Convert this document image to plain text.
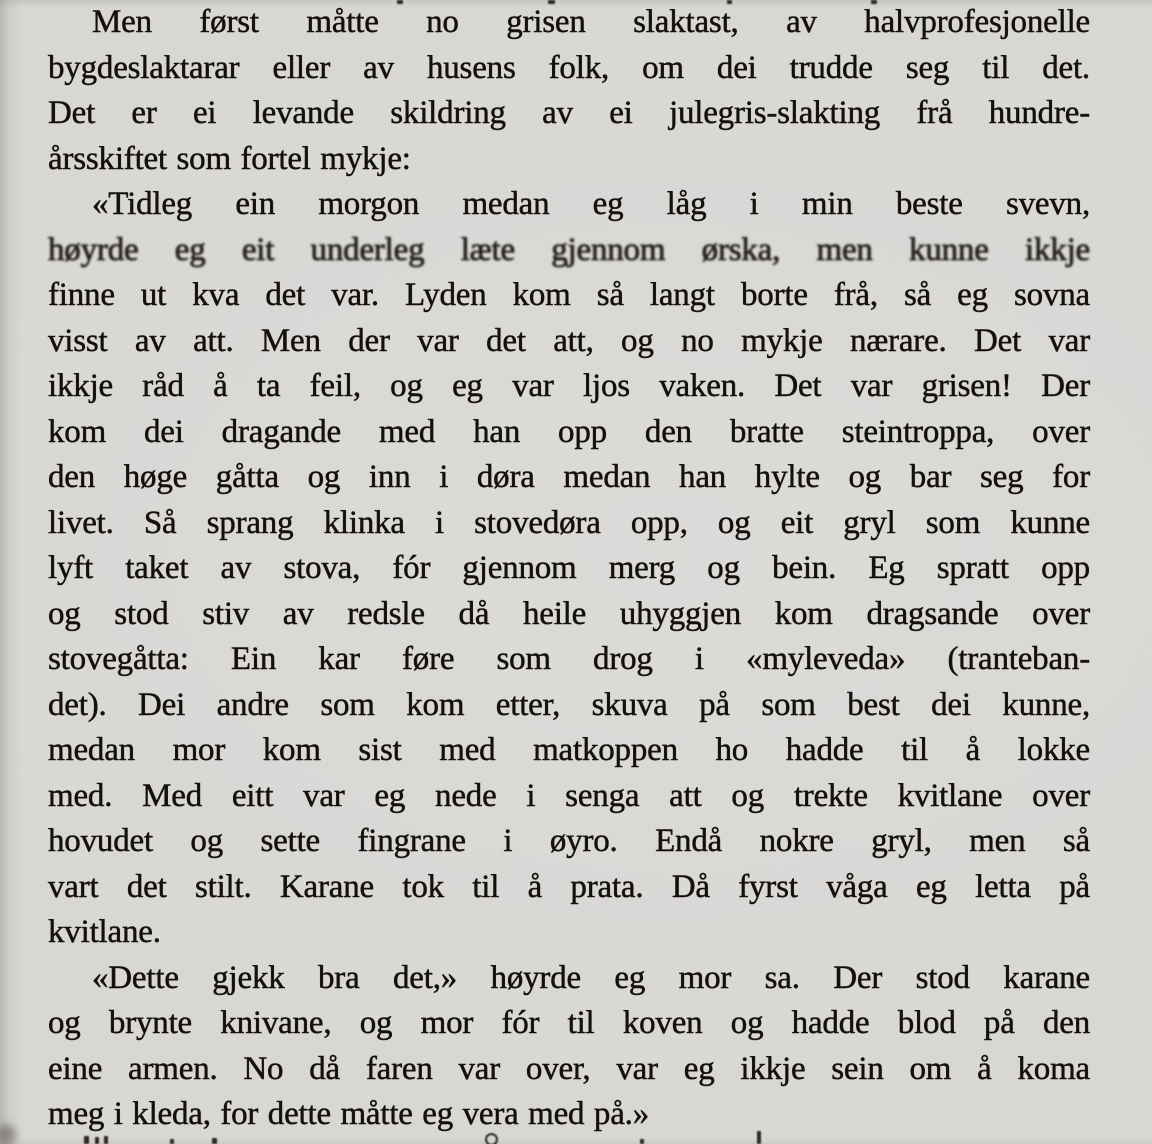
Men først måtte no grisen slaktast, av halvprofesjonelle
bygdeslaktarar eller av husens folk, om dei trudde seg til det.
Det er ei levande skildring av ei julegris-slakting frå hundre-
årsskiftet som fortel mykje:
«Tidleg ein morgon medan eg låg i min beste svevn,
høyrde eg eit underleg læte gjennom ørska, men kunne ikkje
finne ut kva det var. Lyden kom så langt borte frå, så eg sovna
visst av att. Men der var det att, og no mykje nærare. Det var
ikkje råd å ta feil, og eg var ljos vaken. Det var grisen! Der
kom dei dragande med han opp den bratte steintroppa, over
den høge gåtta og inn i døra medan han hylte og bar seg for
livet. Så sprang klinka i stovedøra opp, og eit gryl som kunne
lyft taket av stova, fór gjennom merg og bein. Eg spratt opp
og stod stiv av redsle då heile uhyggjen kom dragsande over
stovegåtta: Ein kar føre som drog i «myleveda» (tranteban-
det). Dei andre som kom etter, skuva på som best dei kunne,
medan mor kom sist med matkoppen ho hadde til å lokke
med. Med eitt var eg nede i senga att og trekte kvitlane over
hovudet og sette fingrane i øyro. Endå nokre gryl, men så
vart det stilt. Karane tok til å prata. Då fyrst våga eg letta på
kvitlane.
«Dette gjekk bra det,» høyrde eg mor sa. Der stod karane
og brynte knivane, og mor fór til koven og hadde blod på den
eine armen. No då faren var over, var eg ikkje sein om å koma
meg i kleda, for dette måtte eg vera med på.»
